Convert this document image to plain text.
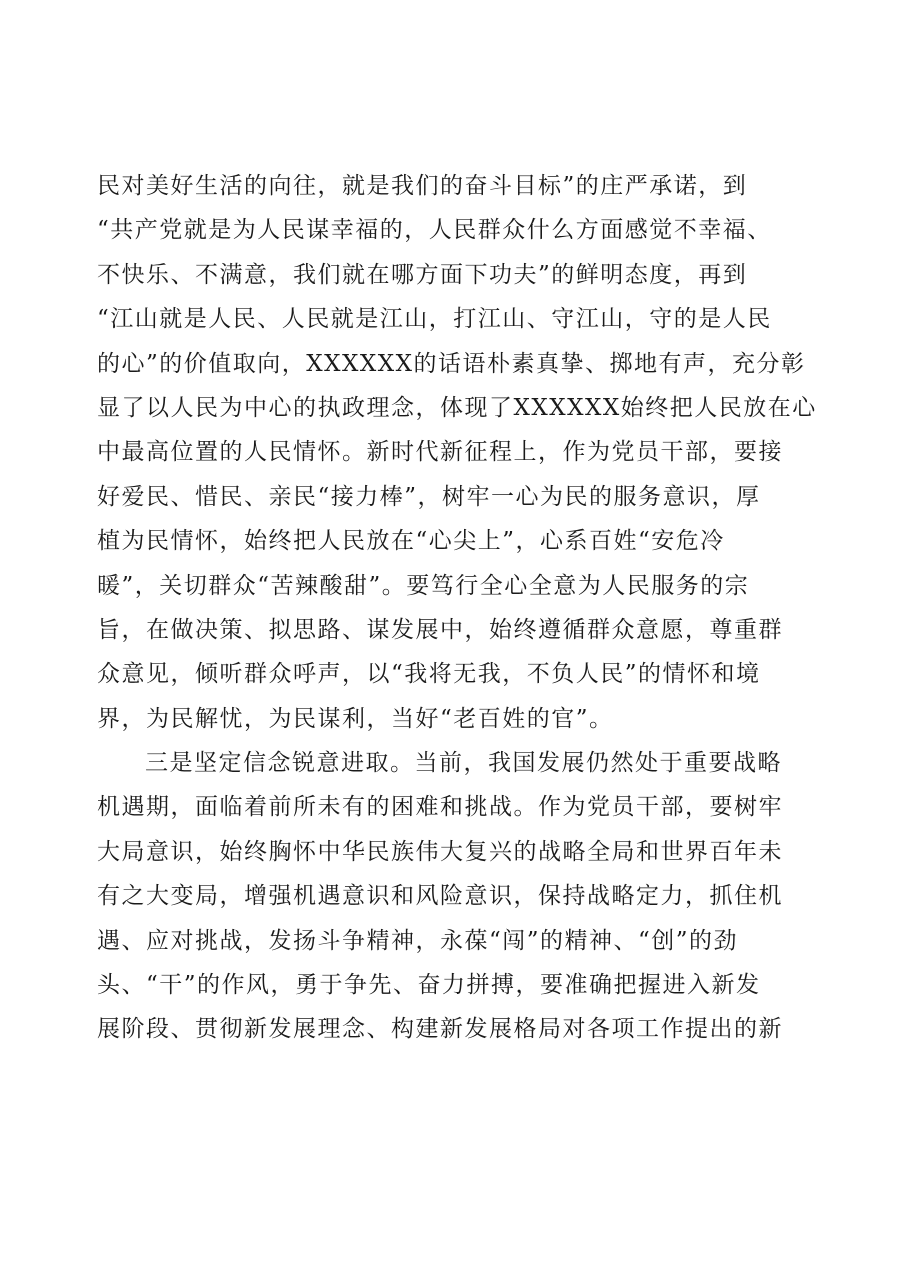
民对美好生活的向往，就是我们的奋斗目标”的庄严承诺，到
“共产党就是为人民谋幸福的，人民群众什么方面感觉不幸福、
不快乐、不满意，我们就在哪方面下功夫”的鲜明态度，再到
“江山就是人民、人民就是江山，打江山、守江山，守的是人民
的心”的价值取向，XXXXXX的话语朴素真挚、掷地有声，充分彰
显了以人民为中心的执政理念，体现了XXXXXX始终把人民放在心
中最高位置的人民情怀。新时代新征程上，作为党员干部，要接
好爱民、惜民、亲民“接力棒”，树牢一心为民的服务意识，厚
植为民情怀，始终把人民放在“心尖上”，心系百姓“安危冷
暖”，关切群众“苦辣酸甜”。要笃行全心全意为人民服务的宗
旨，在做决策、拟思路、谋发展中，始终遵循群众意愿，尊重群
众意见，倾听群众呼声，以“我将无我，不负人民”的情怀和境
界，为民解忧，为民谋利，当好“老百姓的官”。
三是坚定信念锐意进取。当前，我国发展仍然处于重要战略
机遇期，面临着前所未有的困难和挑战。作为党员干部，要树牢
大局意识，始终胸怀中华民族伟大复兴的战略全局和世界百年未
有之大变局，增强机遇意识和风险意识，保持战略定力，抓住机
遇、应对挑战，发扬斗争精神，永葆“闯”的精神、“创”的劲
头、“干”的作风，勇于争先、奋力拼搏，要准确把握进入新发
展阶段、贯彻新发展理念、构建新发展格局对各项工作提出的新
